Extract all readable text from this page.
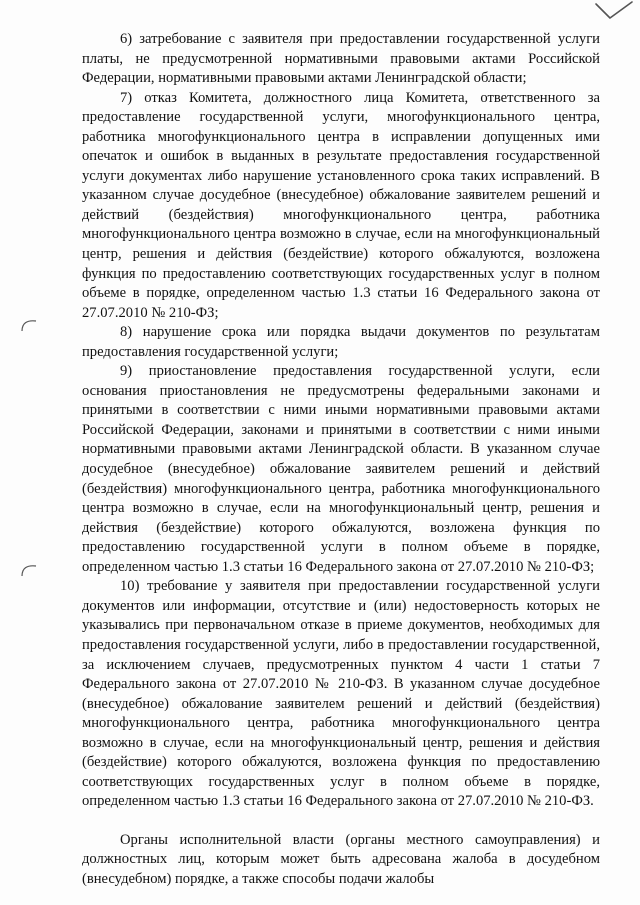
6) затребование с заявителя при предоставлении государственной услуги платы, не предусмотренной нормативными правовыми актами Российской Федерации, нормативными правовыми актами Ленинградской области;

7) отказ Комитета, должностного лица Комитета, ответственного за предоставление государственной услуги, многофункционального центра, работника многофункционального центра в исправлении допущенных ими опечаток и ошибок в выданных в результате предоставления государственной услуги документах либо нарушение установленного срока таких исправлений. В указанном случае досудебное (внесудебное) обжалование заявителем решений и действий (бездействия) многофункционального центра, работника многофункционального центра возможно в случае, если на многофункциональный центр, решения и действия (бездействие) которого обжалуются, возложена функция по предоставлению соответствующих государственных услуг в полном объеме в порядке, определенном частью 1.3 статьи 16 Федерального закона от 27.07.2010 № 210-ФЗ;

8) нарушение срока или порядка выдачи документов по результатам предоставления государственной услуги;

9) приостановление предоставления государственной услуги, если основания приостановления не предусмотрены федеральными законами и принятыми в соответствии с ними иными нормативными правовыми актами Российской Федерации, законами и принятыми в соответствии с ними иными нормативными правовыми актами Ленинградской области. В указанном случае досудебное (внесудебное) обжалование заявителем решений и действий (бездействия) многофункционального центра, работника многофункционального центра возможно в случае, если на многофункциональный центр, решения и действия (бездействие) которого обжалуются, возложена функция по предоставлению государственной услуги в полном объеме в порядке, определенном частью 1.3 статьи 16 Федерального закона от 27.07.2010 № 210-ФЗ;

10) требование у заявителя при предоставлении государственной услуги документов или информации, отсутствие и (или) недостоверность которых не указывались при первоначальном отказе в приеме документов, необходимых для предоставления государственной услуги, либо в предоставлении государственной, за исключением случаев, предусмотренных пунктом 4 части 1 статьи 7 Федерального закона от 27.07.2010 № 210-ФЗ. В указанном случае досудебное (внесудебное) обжалование заявителем решений и действий (бездействия) многофункционального центра, работника многофункционального центра возможно в случае, если на многофункциональный центр, решения и действия (бездействие) которого обжалуются, возложена функция по предоставлению соответствующих государственных услуг в полном объеме в порядке, определенном частью 1.3 статьи 16 Федерального закона от 27.07.2010 № 210-ФЗ.

Органы исполнительной власти (органы местного самоуправления) и должностных лиц, которым может быть адресована жалоба в досудебном (внесудебном) порядке, а также способы подачи жалобы
